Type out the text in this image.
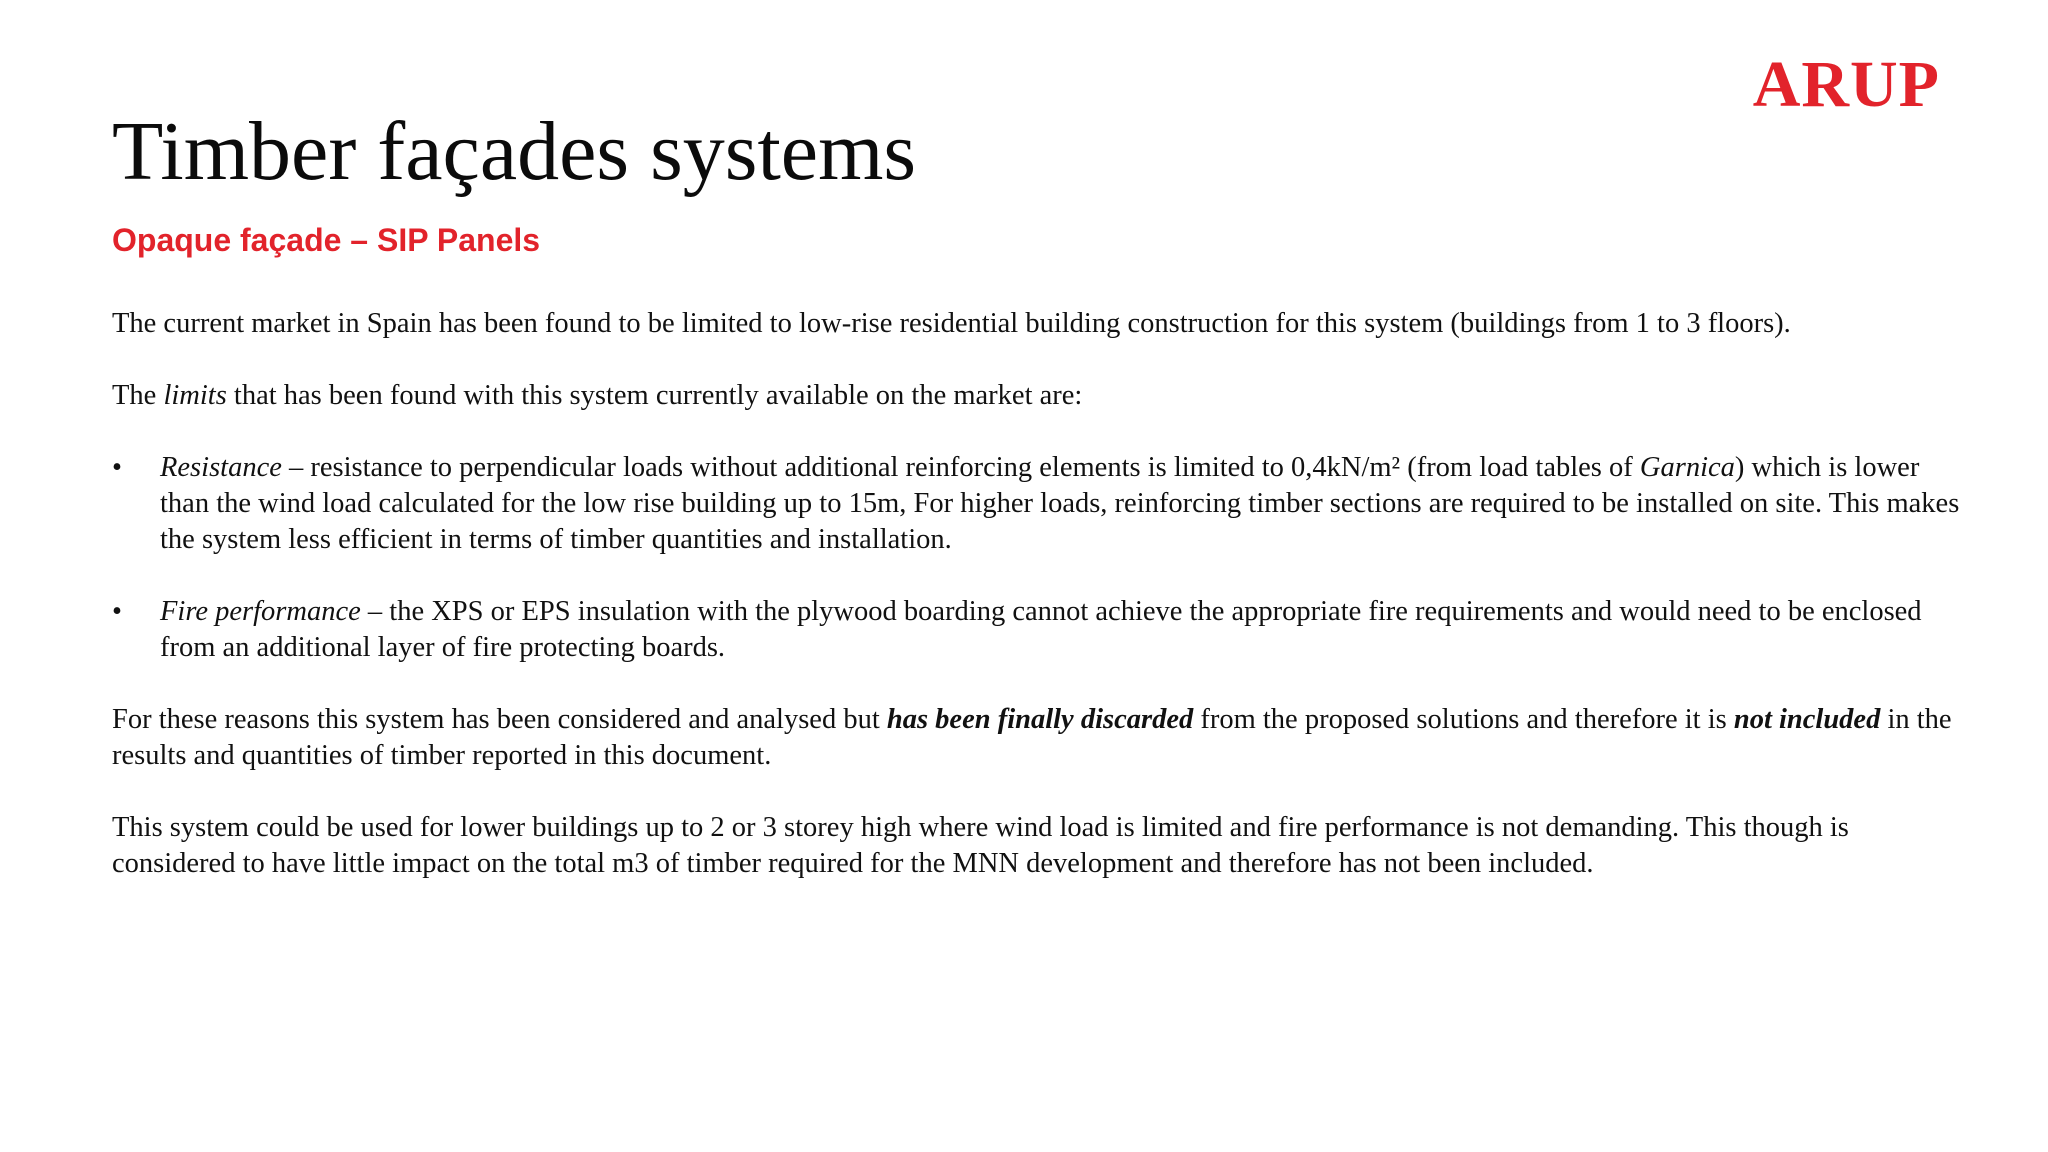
ARUP
Timber façades systems
Opaque façade – SIP Panels

The current market in Spain has been found to be limited to low-rise residential building construction for this system (buildings from 1 to 3 floors).

The limits that has been found with this system currently available on the market are:

• Resistance – resistance to perpendicular loads without additional reinforcing elements is limited to 0,4kN/m² (from load tables of Garnica) which is lower than the wind load calculated for the low rise building up to 15m, For higher loads, reinforcing timber sections are required to be installed on site. This makes the system less efficient in terms of timber quantities and installation.
• Fire performance – the XPS or EPS insulation with the plywood boarding cannot achieve the appropriate fire requirements and would need to be enclosed from an additional layer of fire protecting boards.

For these reasons this system has been considered and analysed but has been finally discarded from the proposed solutions and therefore it is not included in the results and quantities of timber reported in this document.

This system could be used for lower buildings up to 2 or 3 storey high where wind load is limited and fire performance is not demanding. This though is considered to have little impact on the total m3 of timber required for the MNN development and therefore has not been included.
